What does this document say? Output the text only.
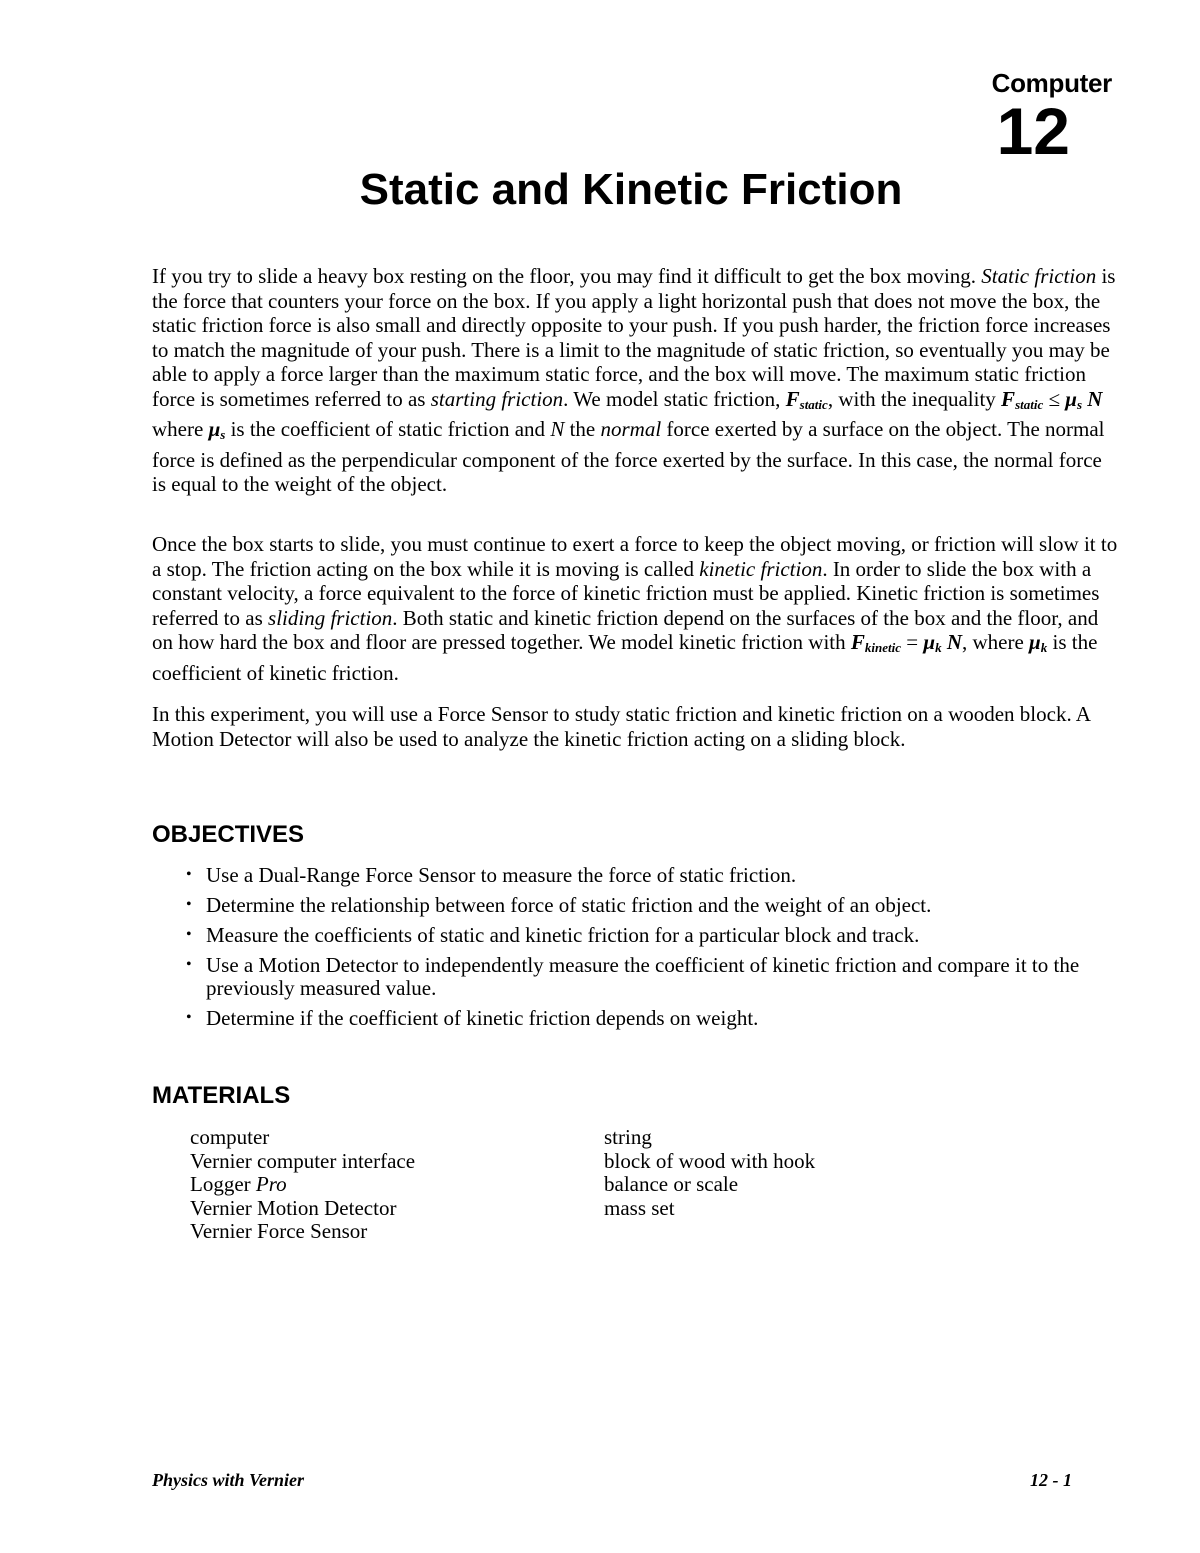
Computer
12
Static and Kinetic Friction

If you try to slide a heavy box resting on the floor, you may find it difficult to get the box moving. Static friction is the force that counters your force on the box. If you apply a light horizontal push that does not move the box, the static friction force is also small and directly opposite to your push. If you push harder, the friction force increases to match the magnitude of your push. There is a limit to the magnitude of static friction, so eventually you may be able to apply a force larger than the maximum static force, and the box will move. The maximum static friction force is sometimes referred to as starting friction. We model static friction, $F_{static}$, with the inequality $F_{static} \le \mu_s$ N where $\mu_s$ is the coefficient of static friction and N the normal force exerted by a surface on the object. The normal force is defined as the perpendicular component of the force exerted by the surface. In this case, the normal force is equal to the weight of the object.

Once the box starts to slide, you must continue to exert a force to keep the object moving, or friction will slow it to a stop. The friction acting on the box while it is moving is called kinetic friction. In order to slide the box with a constant velocity, a force equivalent to the force of kinetic friction must be applied. Kinetic friction is sometimes referred to as sliding friction. Both static and kinetic friction depend on the surfaces of the box and the floor, and on how hard the box and floor are pressed together. We model kinetic friction with $F_{kinetic} = \mu_k$ N, where $\mu_k$ is the coefficient of kinetic friction.

In this experiment, you will use a Force Sensor to study static friction and kinetic friction on a wooden block. A Motion Detector will also be used to analyze the kinetic friction acting on a sliding block.

OBJECTIVES
• Use a Dual-Range Force Sensor to measure the force of static friction.
• Determine the relationship between force of static friction and the weight of an object.
• Measure the coefficients of static and kinetic friction for a particular block and track.
• Use a Motion Detector to independently measure the coefficient of kinetic friction and compare it to the previously measured value.
• Determine if the coefficient of kinetic friction depends on weight.
MATERIALS
computer
Vernier computer interface
Logger Pro
Vernier Motion Detector
Vernier Force Sensor
string
block of wood with hook
balance or scale
mass set
Physics with Vernier	12 - 1
